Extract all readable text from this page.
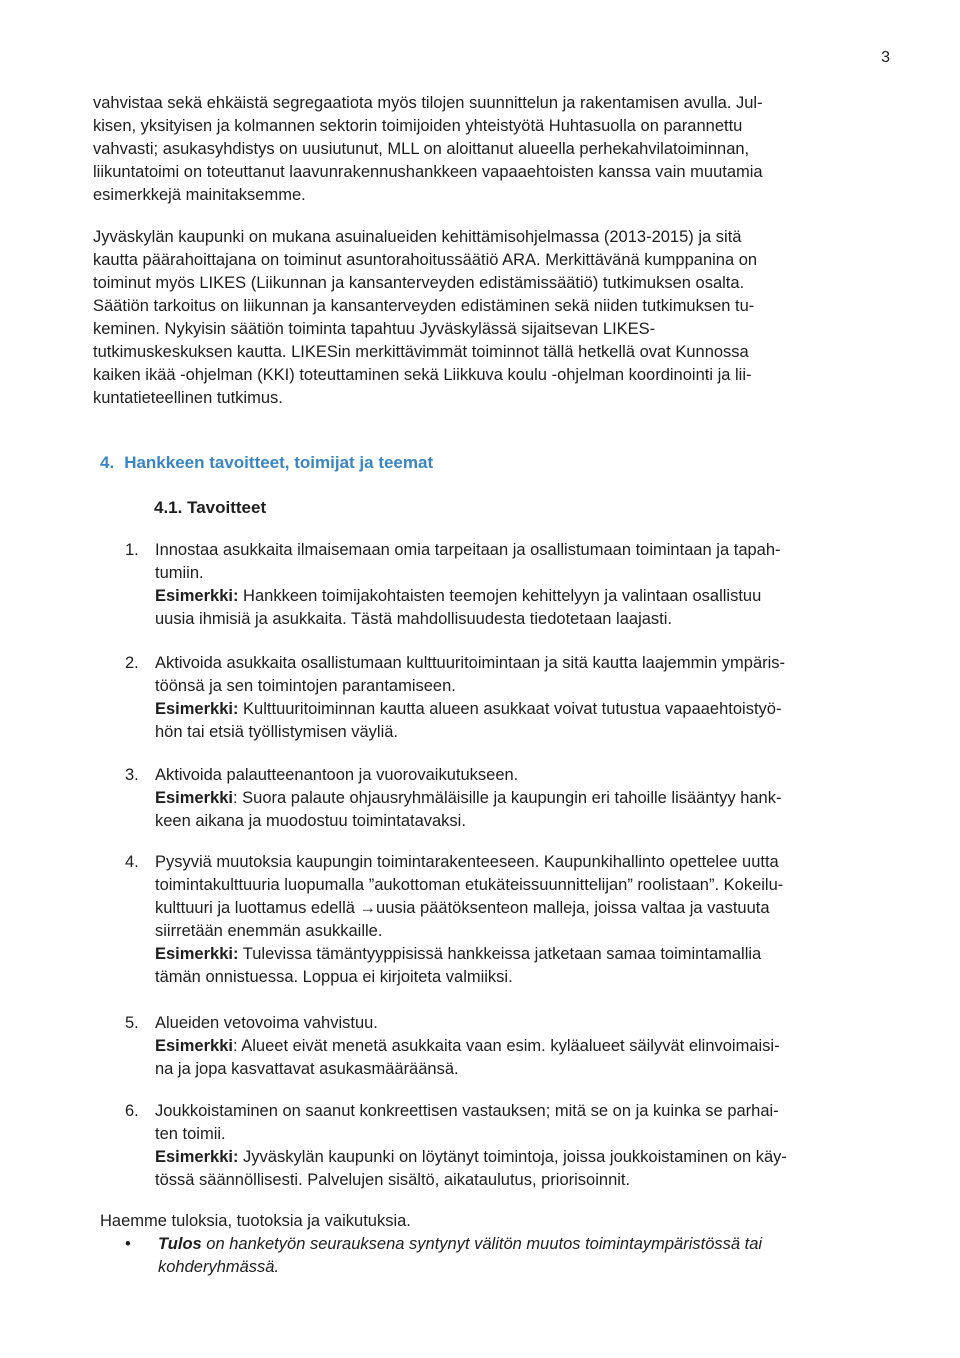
3
vahvistaa sekä ehkäistä segregaatiota myös tilojen suunnittelun ja rakentamisen avulla. Jul-
kisen, yksityisen ja kolmannen sektorin toimijoiden yhteistyötä Huhtasuolla on parannettu
vahvasti; asukasyhdistys on uusiutunut, MLL on aloittanut alueella perhekahvilatoiminnan,
liikuntatoimi on toteuttanut laavunrakennushankkeen vapaaehtoisten kanssa vain muutamia
esimerkkejä mainitaksemme.
Jyväskylän kaupunki on mukana asuinalueiden kehittämisohjelmassa (2013-2015) ja sitä
kautta päärahoittajana on toiminut asuntorahoitussäätiö ARA. Merkittävänä kumppanina on
toiminut myös LIKES (Liikunnan ja kansanterveyden edistämissäätiö) tutkimuksen osalta.
Säätiön tarkoitus on liikunnan ja kansanterveyden edistäminen sekä niiden tutkimuksen tu-
keminen. Nykyisin säätiön toiminta tapahtuu Jyväskylässä sijaitsevan LIKES-
tutkimuskeskuksen kautta. LIKESin merkittävimmät toiminnot tällä hetkellä ovat Kunnossa
kaiken ikää -ohjelman (KKI) toteuttaminen sekä Liikkuva koulu -ohjelman koordinointi ja lii-
kuntatieteellinen tutkimus.
4. Hankkeen tavoitteet, toimijat ja teemat
4.1. Tavoitteet
1. Innostaa asukkaita ilmaisemaan omia tarpeitaan ja osallistumaan toimintaan ja tapah-
tumiin.
Esimerkki: Hankkeen toimijakohtaisten teemojen kehittelyyn ja valintaan osallistuu
uusia ihmisiä ja asukkaita. Tästä mahdollisuudesta tiedotetaan laajasti.
2. Aktivoida asukkaita osallistumaan kulttuuritoimintaan ja sitä kautta laajemmin ympäris-
töönsä ja sen toimintojen parantamiseen.
Esimerkki: Kulttuuritoiminnan kautta alueen asukkaat voivat tutustua vapaaehtoistyö-
hön tai etsiä työllistymisen väyliä.
3. Aktivoida palautteenantoon ja vuorovaikutukseen.
Esimerkki: Suora palaute ohjausryhmäläisille ja kaupungin eri tahoille lisääntyy hank-
keen aikana ja muodostuu toimintatavaksi.
4. Pysyviä muutoksia kaupungin toimintarakenteeseen. Kaupunkihallinto opettelee uutta
toimintakulttuuria luopumalla ”aukottoman etukäteissuunnittelijan” roolistaan”. Kokeilu-
kulttuuri ja luottamus edellä →uusia päätöksenteon malleja, joissa valtaa ja vastuuta
siirretään enemmän asukkaille.
Esimerkki: Tulevissa tämäntyyppisissä hankkeissa jatketaan samaa toimintamallia
tämän onnistuessa. Loppua ei kirjoiteta valmiiksi.
5. Alueiden vetovoima vahvistuu.
Esimerkki: Alueet eivät menetä asukkaita vaan esim. kyläalueet säilyvät elinvoimaisi-
na ja jopa kasvattavat asukasmääräänsä.
6. Joukkoistaminen on saanut konkreettisen vastauksen; mitä se on ja kuinka se parhai-
ten toimii.
Esimerkki: Jyväskylän kaupunki on löytänyt toimintoja, joissa joukkoistaminen on käy-
tössä säännöllisesti. Palvelujen sisältö, aikataulutus, priorisoinnit.
Haemme tuloksia, tuotoksia ja vaikutuksia.
• Tulos on hanketyön seurauksena syntynyt välitön muutos toimintaympäristössä tai
kohderyhmässä.
